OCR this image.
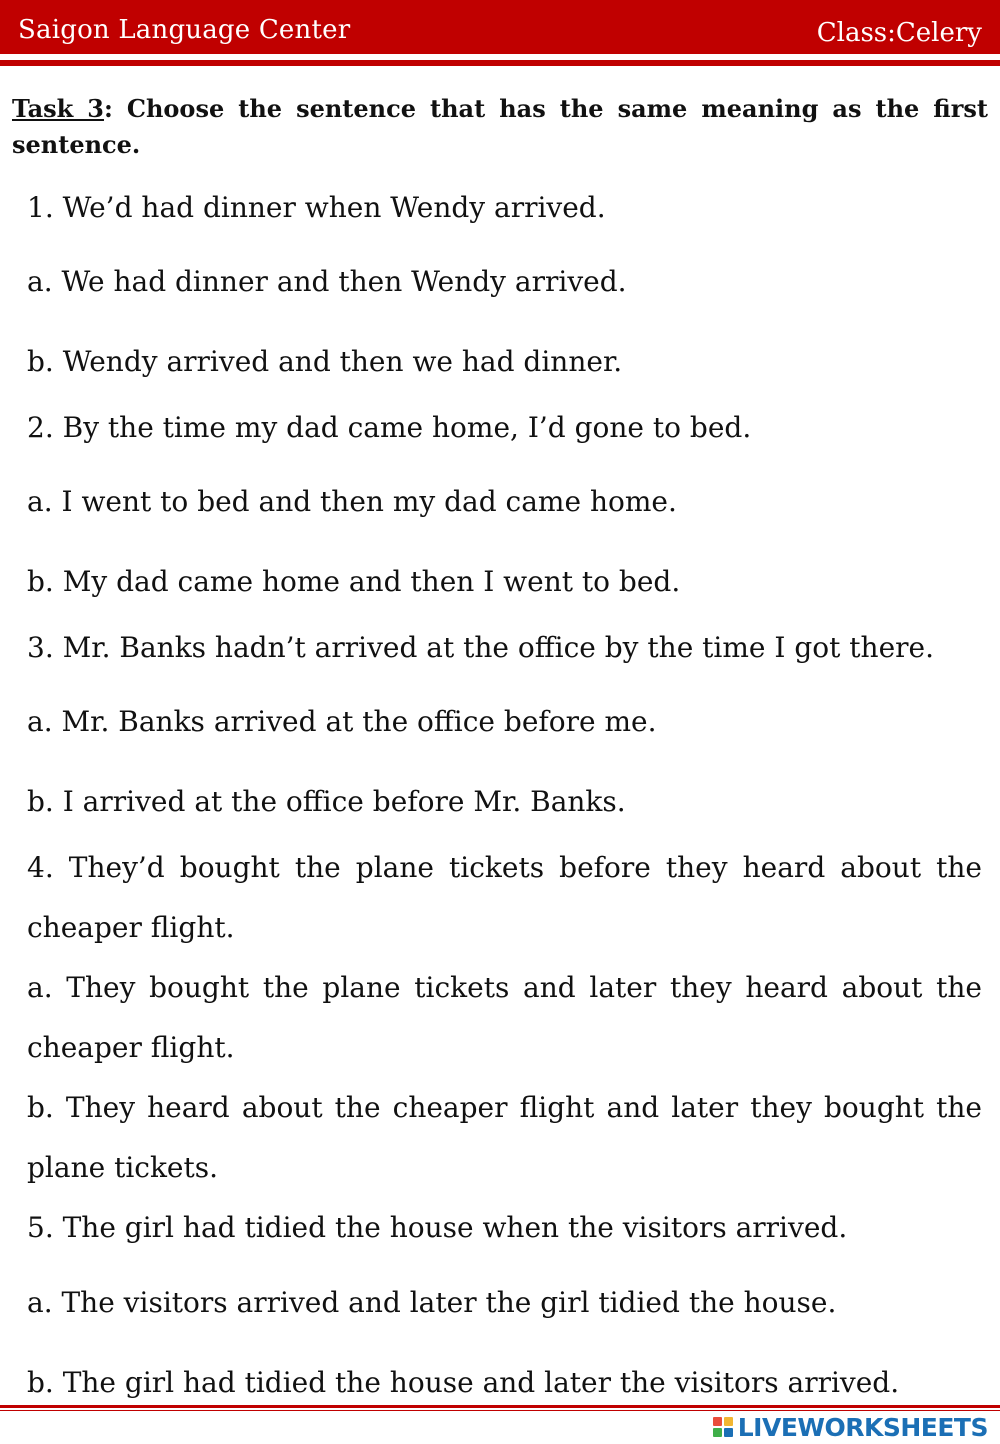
Saigon Language Center	Class:Celery
Task 3: Choose the sentence that has the same meaning as the first sentence.
1. We’d had dinner when Wendy arrived.
a. We had dinner and then Wendy arrived.
b. Wendy arrived and then we had dinner.
2. By the time my dad came home, I’d gone to bed.
a. I went to bed and then my dad came home.
b. My dad came home and then I went to bed.
3. Mr. Banks hadn’t arrived at the office by the time I got there.
a. Mr. Banks arrived at the office before me.
b. I arrived at the office before Mr. Banks.
4. They’d bought the plane tickets before they heard about the cheaper flight.
a. They bought the plane tickets and later they heard about the cheaper flight.
b. They heard about the cheaper flight and later they bought the plane tickets.
5. The girl had tidied the house when the visitors arrived.
a. The visitors arrived and later the girl tidied the house.
b. The girl had tidied the house and later the visitors arrived.
LIVEWORKSHEETS
